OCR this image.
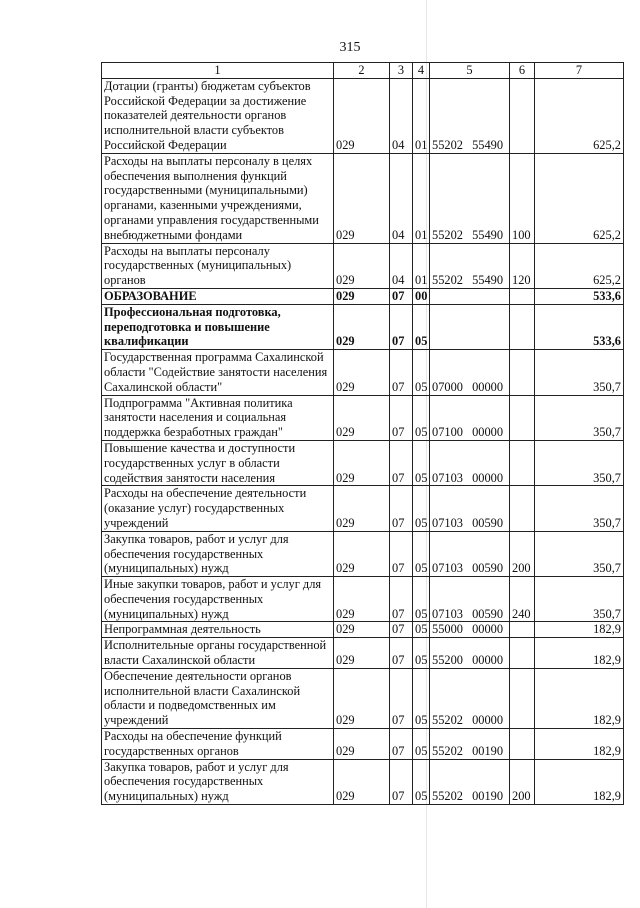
315
1	2	3	4	5	6	7
Дотации (гранты) бюджетам субъектов Российской Федерации за достижение показателей деятельности органов исполнительной власти субъектов Российской Федерации	029	04	01	55202 55490		625,2
Расходы на выплаты персоналу в целях обеспечения выполнения функций государственными (муниципальными) органами, казенными учреждениями, органами управления государственными внебюджетными фондами	029	04	01	55202 55490	100	625,2
Расходы на выплаты персоналу государственных (муниципальных) органов	029	04	01	55202 55490	120	625,2
ОБРАЗОВАНИЕ	029	07	00			533,6
Профессиональная подготовка, переподготовка и повышение квалификации	029	07	05			533,6
Государственная программа Сахалинской области "Содействие занятости населения Сахалинской области"	029	07	05	07000 00000		350,7
Подпрограмма "Активная политика занятости населения и социальная поддержка безработных граждан"	029	07	05	07100 00000		350,7
Повышение качества и доступности государственных услуг в области содействия занятости населения	029	07	05	07103 00000		350,7
Расходы на обеспечение деятельности (оказание услуг) государственных учреждений	029	07	05	07103 00590		350,7
Закупка товаров, работ и услуг для обеспечения государственных (муниципальных) нужд	029	07	05	07103 00590	200	350,7
Иные закупки товаров, работ и услуг для обеспечения государственных (муниципальных) нужд	029	07	05	07103 00590	240	350,7
Непрограммная деятельность	029	07	05	55000 00000		182,9
Исполнительные органы государственной власти Сахалинской области	029	07	05	55200 00000		182,9
Обеспечение деятельности органов исполнительной власти Сахалинской области и подведомственных им учреждений	029	07	05	55202 00000		182,9
Расходы на обеспечение функций государственных органов	029	07	05	55202 00190		182,9
Закупка товаров, работ и услуг для обеспечения государственных (муниципальных) нужд	029	07	05	55202 00190	200	182,9
